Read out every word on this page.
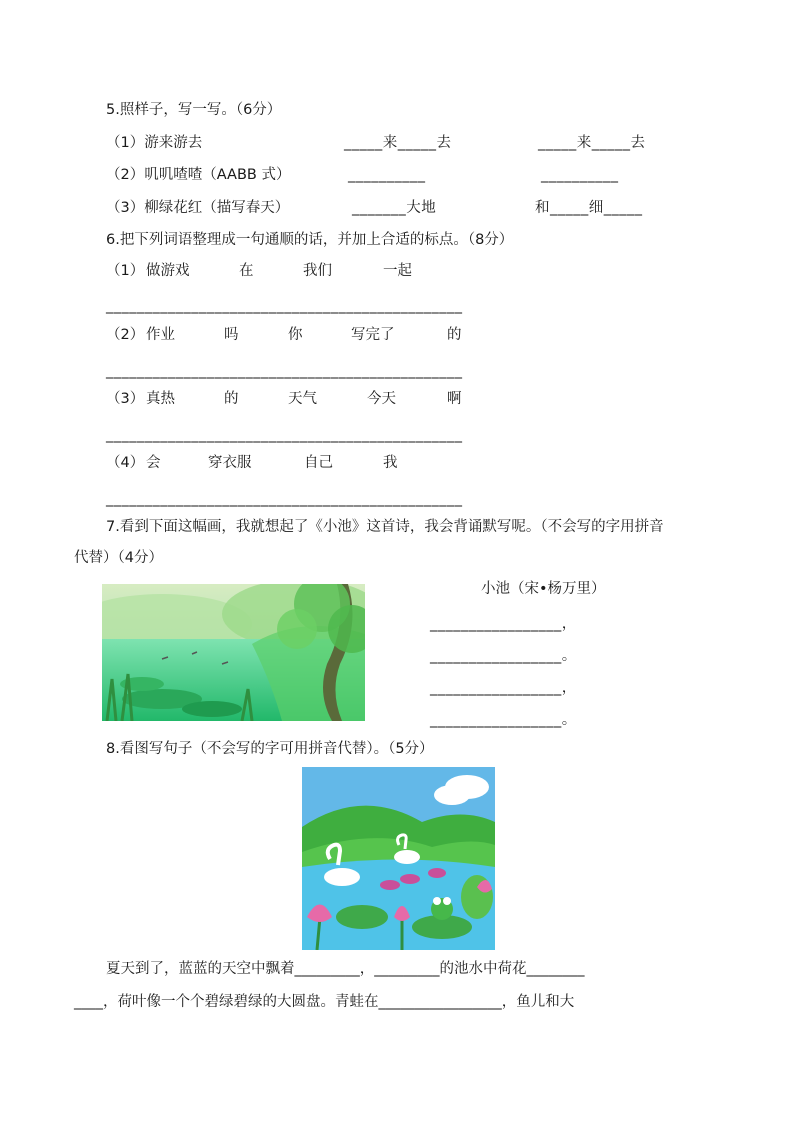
5.照样子，写一写。（6分）
（1）游来游去	_____来_____去	_____来_____去
（2）叽叽喳喳（AABB 式）	__________	__________
（3）柳绿花红（描写春天）	_______大地	和_____细_____
6.把下列词语整理成一句通顺的话，并加上合适的标点。（8分）
（1） 做游戏	在	我们	一起
______________________________________________
（2） 作业	吗	你	写完了	的
______________________________________________
（3） 真热	的	天气	今天	啊
______________________________________________
（4） 会	穿衣服	自己	我
______________________________________________
7.看到下面这幅画，我就想起了《小池》这首诗，我会背诵默写呢。（不会写的字用拼音
代替）（4分）
小池（宋•杨万里）
_________________，
_________________。
_________________，
_________________。
8.看图写句子（不会写的字可用拼音代替）。（5分）
夏天到了，蓝蓝的天空中飘着_________，_________的池水中荷花________
____，荷叶像一个个碧绿碧绿的大圆盘。青蛙在_________________，鱼儿和大
